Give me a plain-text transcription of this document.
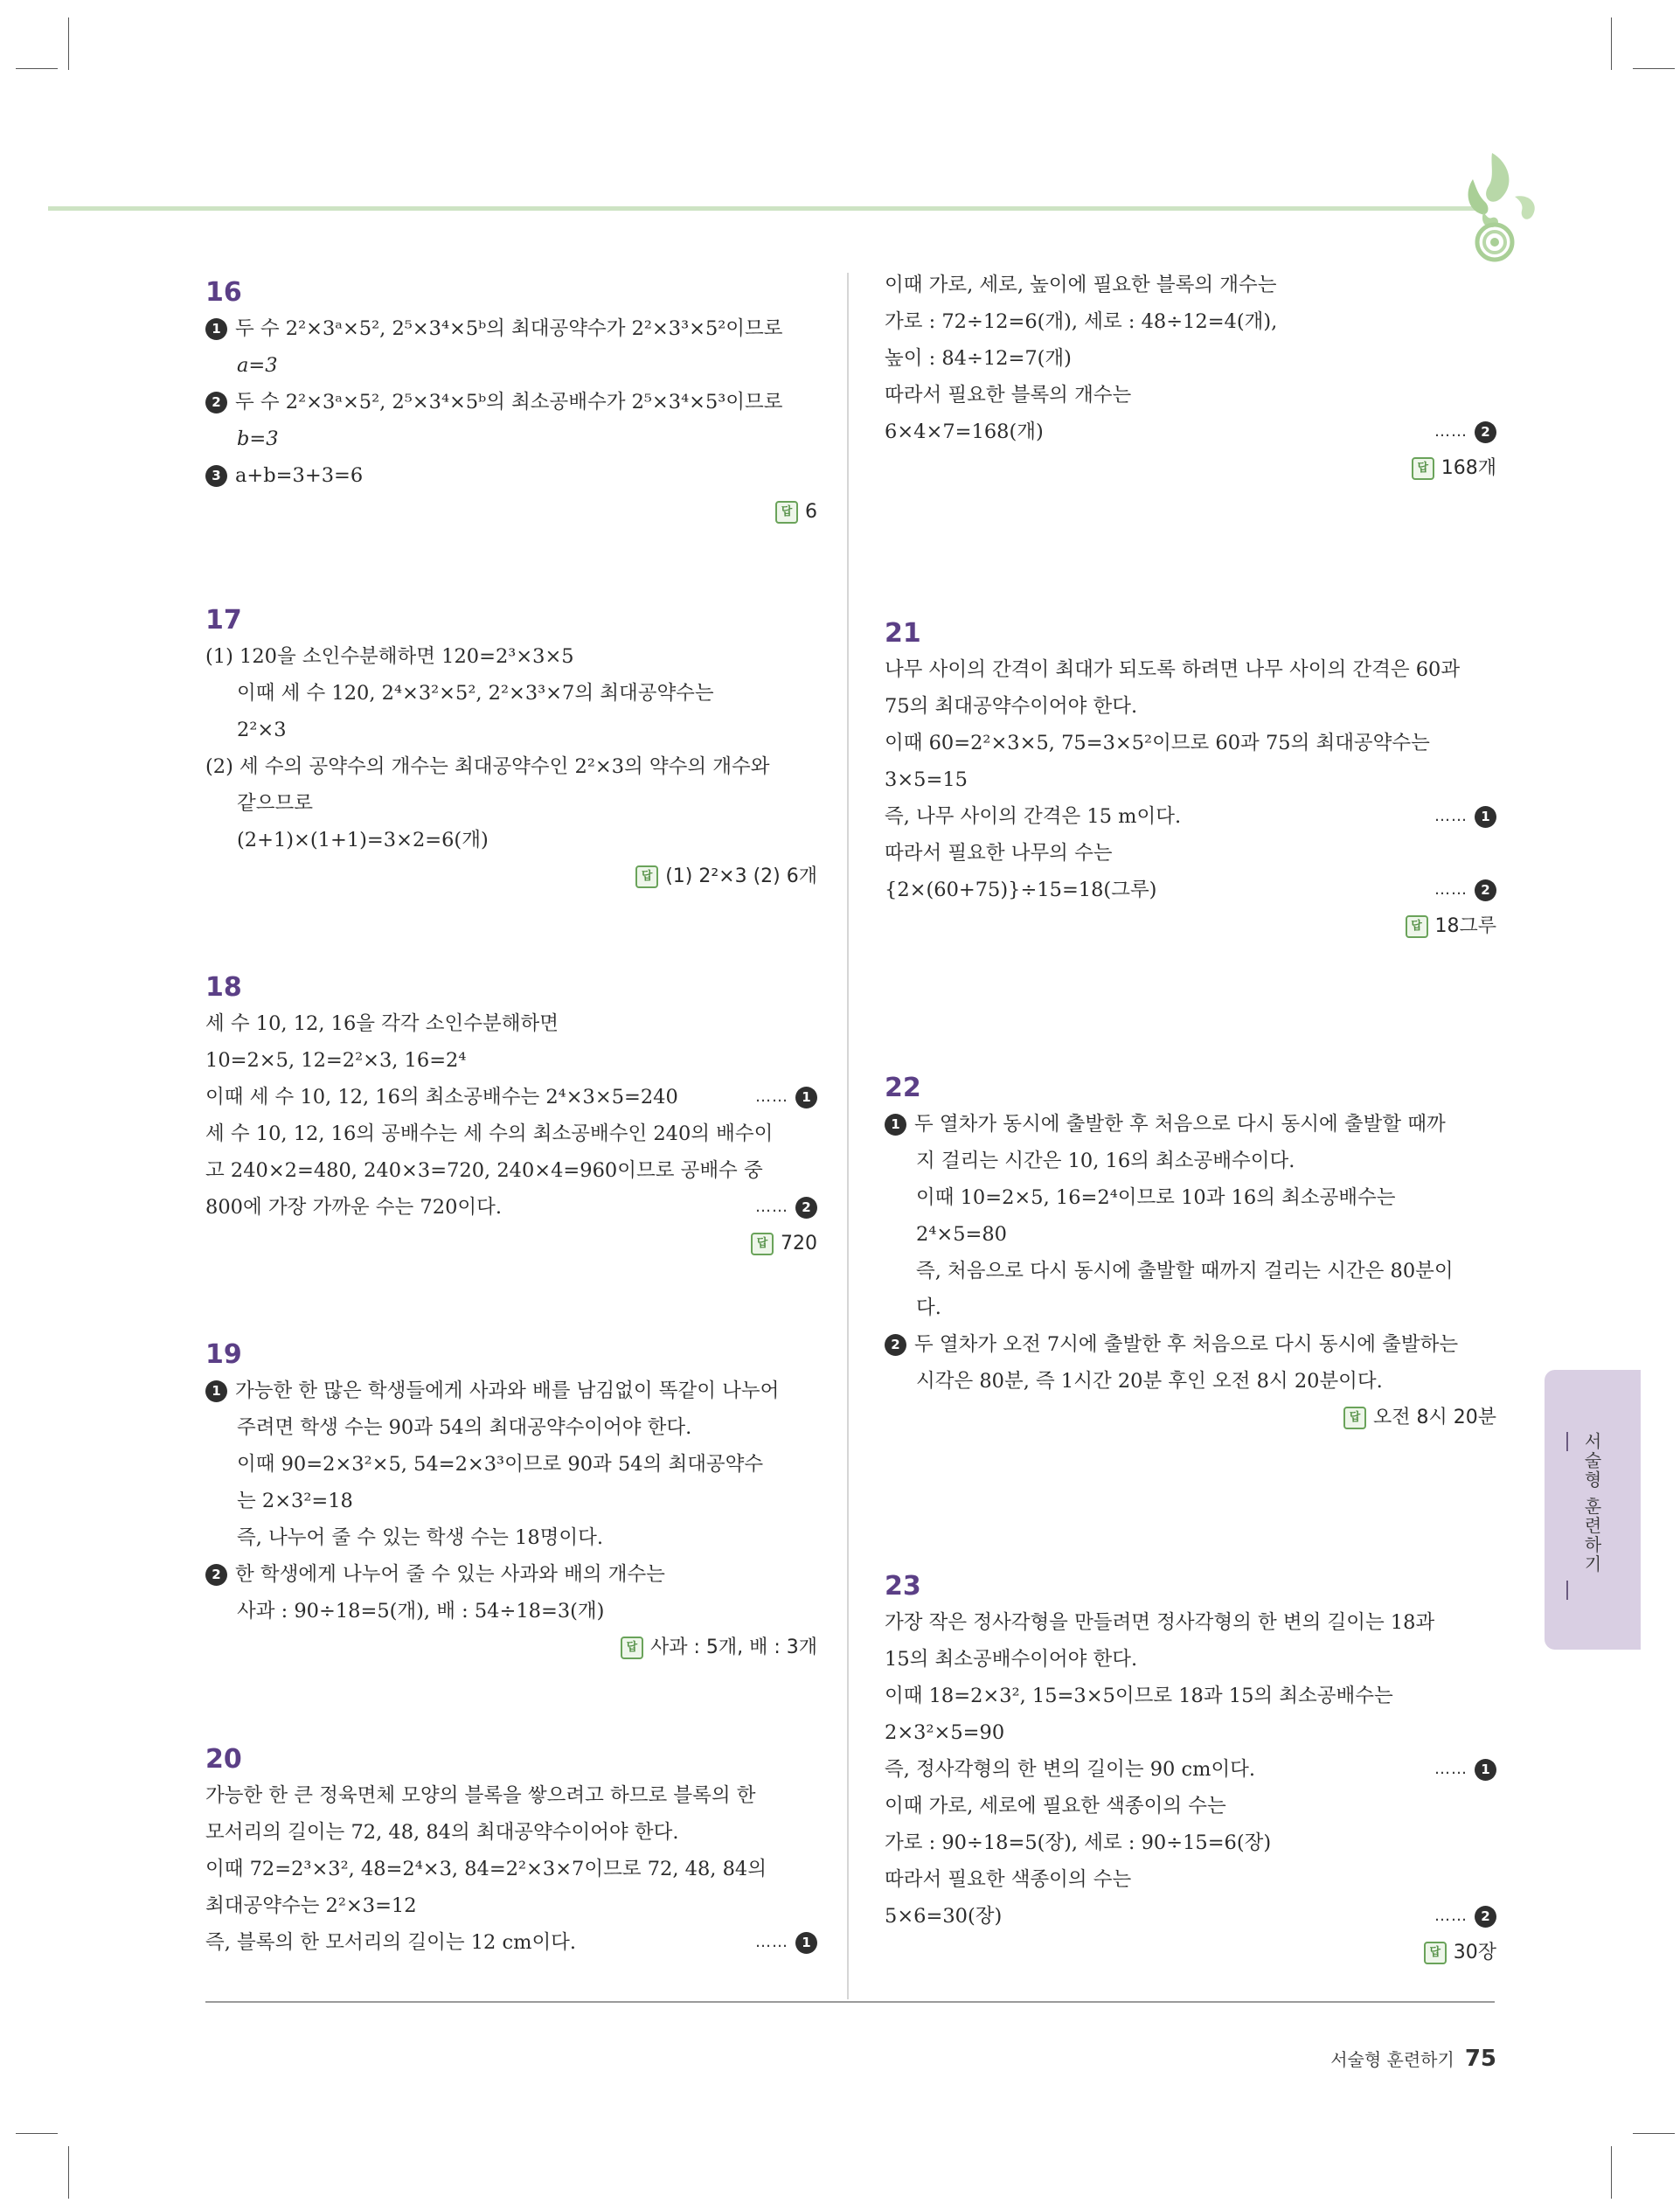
16
1 두 수 2²×3ᵃ×5², 2⁵×3⁴×5ᵇ의 최대공약수가 2²×3³×5²이므로
a=3
2 두 수 2²×3ᵃ×5², 2⁵×3⁴×5ᵇ의 최소공배수가 2⁵×3⁴×5³이므로
b=3
3 a+b=3+3=6
답 6
17
(1) 120을 소인수분해하면 120=2³×3×5
이때 세 수 120, 2⁴×3²×5², 2²×3³×7의 최대공약수는
2²×3
(2) 세 수의 공약수의 개수는 최대공약수인 2²×3의 약수의 개수와
같으므로
(2+1)×(1+1)=3×2=6(개)
답 (1) 2²×3 (2) 6개
18
세 수 10, 12, 16을 각각 소인수분해하면
10=2×5, 12=2²×3, 16=2⁴
이때 세 수 10, 12, 16의 최소공배수는 2⁴×3×5=240	……	1
세 수 10, 12, 16의 공배수는 세 수의 최소공배수인 240의 배수이
고 240×2=480, 240×3=720, 240×4=960이므로 공배수 중
800에 가장 가까운 수는 720이다.	……	2
답 720
19
1 가능한 한 많은 학생들에게 사과와 배를 남김없이 똑같이 나누어
주려면 학생 수는 90과 54의 최대공약수이어야 한다.
이때 90=2×3²×5, 54=2×3³이므로 90과 54의 최대공약수
는 2×3²=18
즉, 나누어 줄 수 있는 학생 수는 18명이다.
2 한 학생에게 나누어 줄 수 있는 사과와 배의 개수는
사과 : 90÷18=5(개), 배 : 54÷18=3(개)
답 사과 : 5개, 배 : 3개
20
가능한 한 큰 정육면체 모양의 블록을 쌓으려고 하므로 블록의 한
모서리의 길이는 72, 48, 84의 최대공약수이어야 한다.
이때 72=2³×3², 48=2⁴×3, 84=2²×3×7이므로 72, 48, 84의
최대공약수는 2²×3=12
즉, 블록의 한 모서리의 길이는 12 cm이다.	……	1
이때 가로, 세로, 높이에 필요한 블록의 개수는
가로 : 72÷12=6(개), 세로 : 48÷12=4(개),
높이 : 84÷12=7(개)
따라서 필요한 블록의 개수는
6×4×7=168(개)	……	2
답 168개
21
나무 사이의 간격이 최대가 되도록 하려면 나무 사이의 간격은 60과
75의 최대공약수이어야 한다.
이때 60=2²×3×5, 75=3×5²이므로 60과 75의 최대공약수는
3×5=15
즉, 나무 사이의 간격은 15 m이다.	……	1
따라서 필요한 나무의 수는
{2×(60+75)}÷15=18(그루)	……	2
답 18그루
22
1 두 열차가 동시에 출발한 후 처음으로 다시 동시에 출발할 때까
지 걸리는 시간은 10, 16의 최소공배수이다.
이때 10=2×5, 16=2⁴이므로 10과 16의 최소공배수는
2⁴×5=80
즉, 처음으로 다시 동시에 출발할 때까지 걸리는 시간은 80분이
다.
2 두 열차가 오전 7시에 출발한 후 처음으로 다시 동시에 출발하는
시각은 80분, 즉 1시간 20분 후인 오전 8시 20분이다.
답 오전 8시 20분
23
가장 작은 정사각형을 만들려면 정사각형의 한 변의 길이는 18과
15의 최소공배수이어야 한다.
이때 18=2×3², 15=3×5이므로 18과 15의 최소공배수는
2×3²×5=90
즉, 정사각형의 한 변의 길이는 90 cm이다.	……	1
이때 가로, 세로에 필요한 색종이의 수는
가로 : 90÷18=5(장), 세로 : 90÷15=6(장)
따라서 필요한 색종이의 수는
5×6=30(장)	……	2
답 30장
서술형 훈련하기
서술형 훈련하기 75
